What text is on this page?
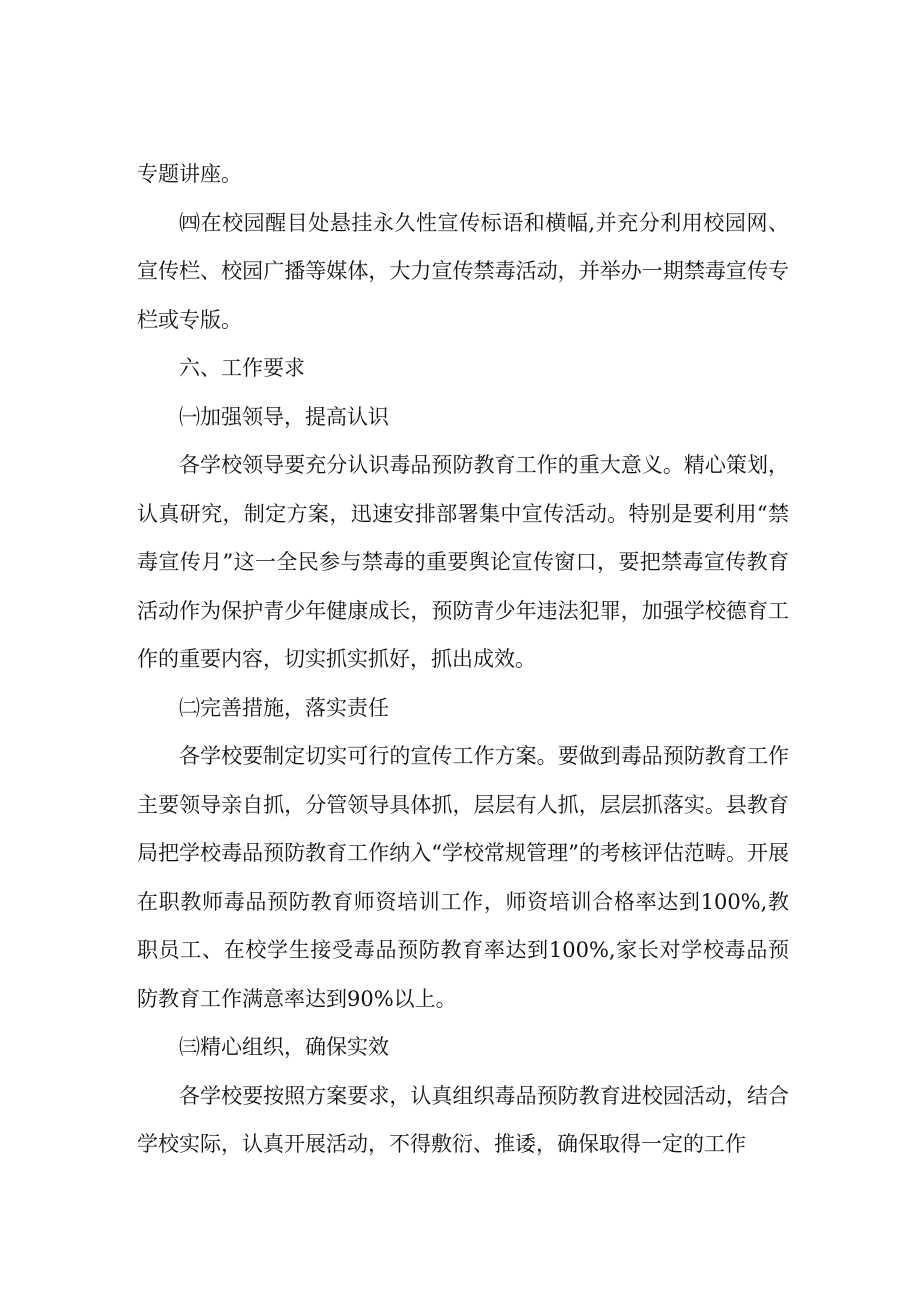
专题讲座。

㈣在校园醒目处悬挂永久性宣传标语和横幅,并充分利用校园网、宣传栏、校园广播等媒体，大力宣传禁毒活动，并举办一期禁毒宣传专栏或专版。

六、工作要求

㈠加强领导，提高认识

各学校领导要充分认识毒品预防教育工作的重大意义。精心策划，认真研究，制定方案，迅速安排部署集中宣传活动。特别是要利用“禁毒宣传月”这一全民参与禁毒的重要舆论宣传窗口，要把禁毒宣传教育活动作为保护青少年健康成长，预防青少年违法犯罪，加强学校德育工作的重要内容，切实抓实抓好，抓出成效。

㈡完善措施，落实责任

各学校要制定切实可行的宣传工作方案。要做到毒品预防教育工作主要领导亲自抓，分管领导具体抓，层层有人抓，层层抓落实。县教育局把学校毒品预防教育工作纳入“学校常规管理”的考核评估范畴。开展在职教师毒品预防教育师资培训工作，师资培训合格率达到100%,教职员工、在校学生接受毒品预防教育率达到100%,家长对学校毒品预防教育工作满意率达到90%以上。

㈢精心组织，确保实效

各学校要按照方案要求，认真组织毒品预防教育进校园活动，结合学校实际，认真开展活动，不得敷衍、推诿，确保取得一定的工作
